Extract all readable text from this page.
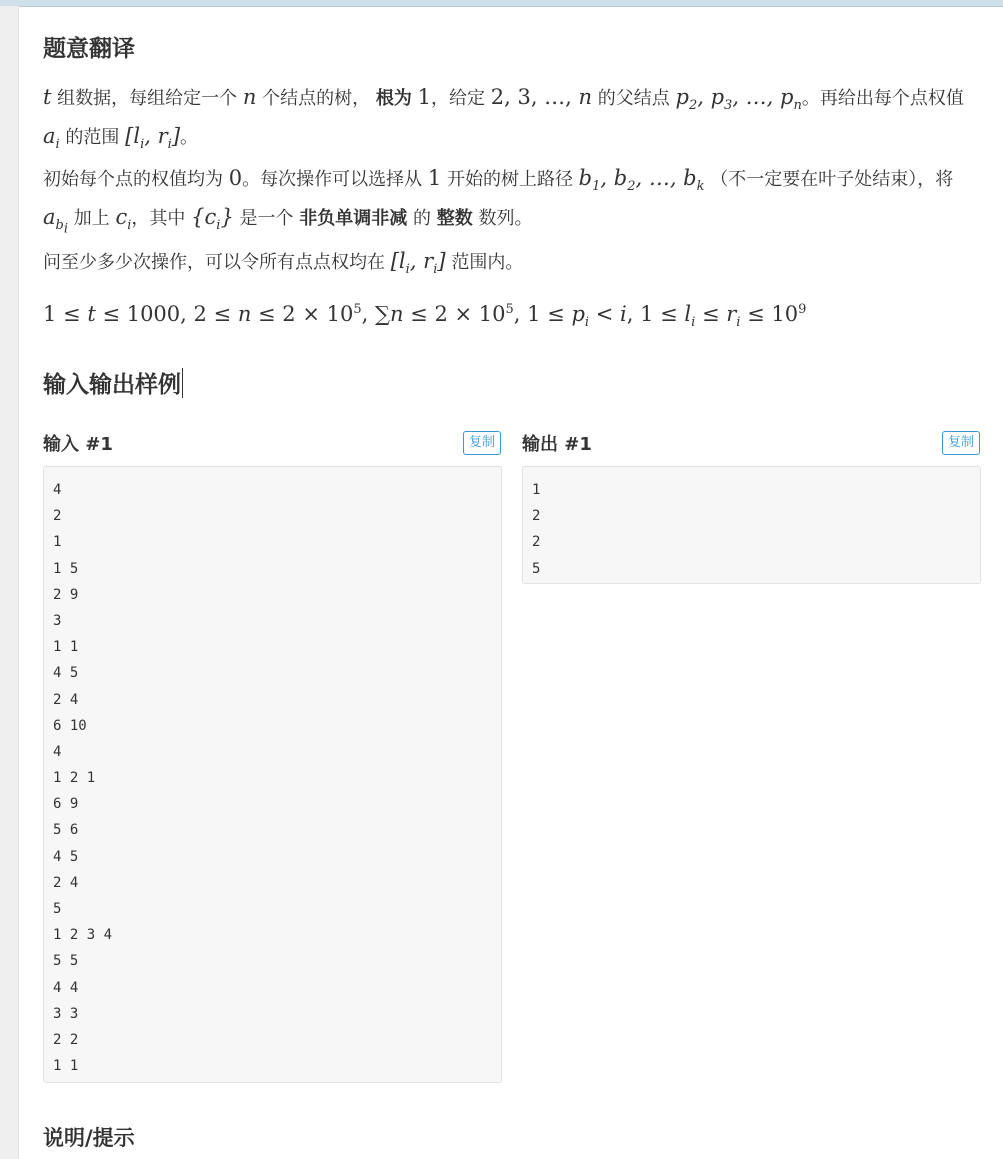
题意翻译
t 组数据，每组给定一个 n 个结点的树， 根为 1，给定 2, 3, …, n 的父结点 $p_2$, $p_3$, …, $p_n$。再给出每个点权值 $a_i$ 的范围 [$l_i$, $r_i$]。
初始每个点的权值均为 0。每次操作可以选择从 1 开始的树上路径 $b_1$, $b_2$, …, $b_k$ （不一定要在叶子处结束），将 $a_{b_i}$ 加上 $c_i$，其中 $\{c_i\}$ 是一个 非负单调非减 的 整数 数列。
问至少多少次操作，可以令所有点点权均在 [$l_i$, $r_i$] 范围内。
1 ≤ t ≤ 1000, $2 \le n \le 2 \times 10^5$, $\sum n \le 2 \times 10^5$, $1 \le p_i < i$, $1 \le l_i \le r_i \le 10^9$
输入输出样例
输入 #1	复制	输出 #1	复制
4
2
1
1 5
2 9
3
1 1
4 5
2 4
6 10
4
1 2 1
6 9
5 6
4 5
2 4
5
1 2 3 4
5 5
4 4
3 3
2 2
1 1
1
2
2
5
说明/提示
